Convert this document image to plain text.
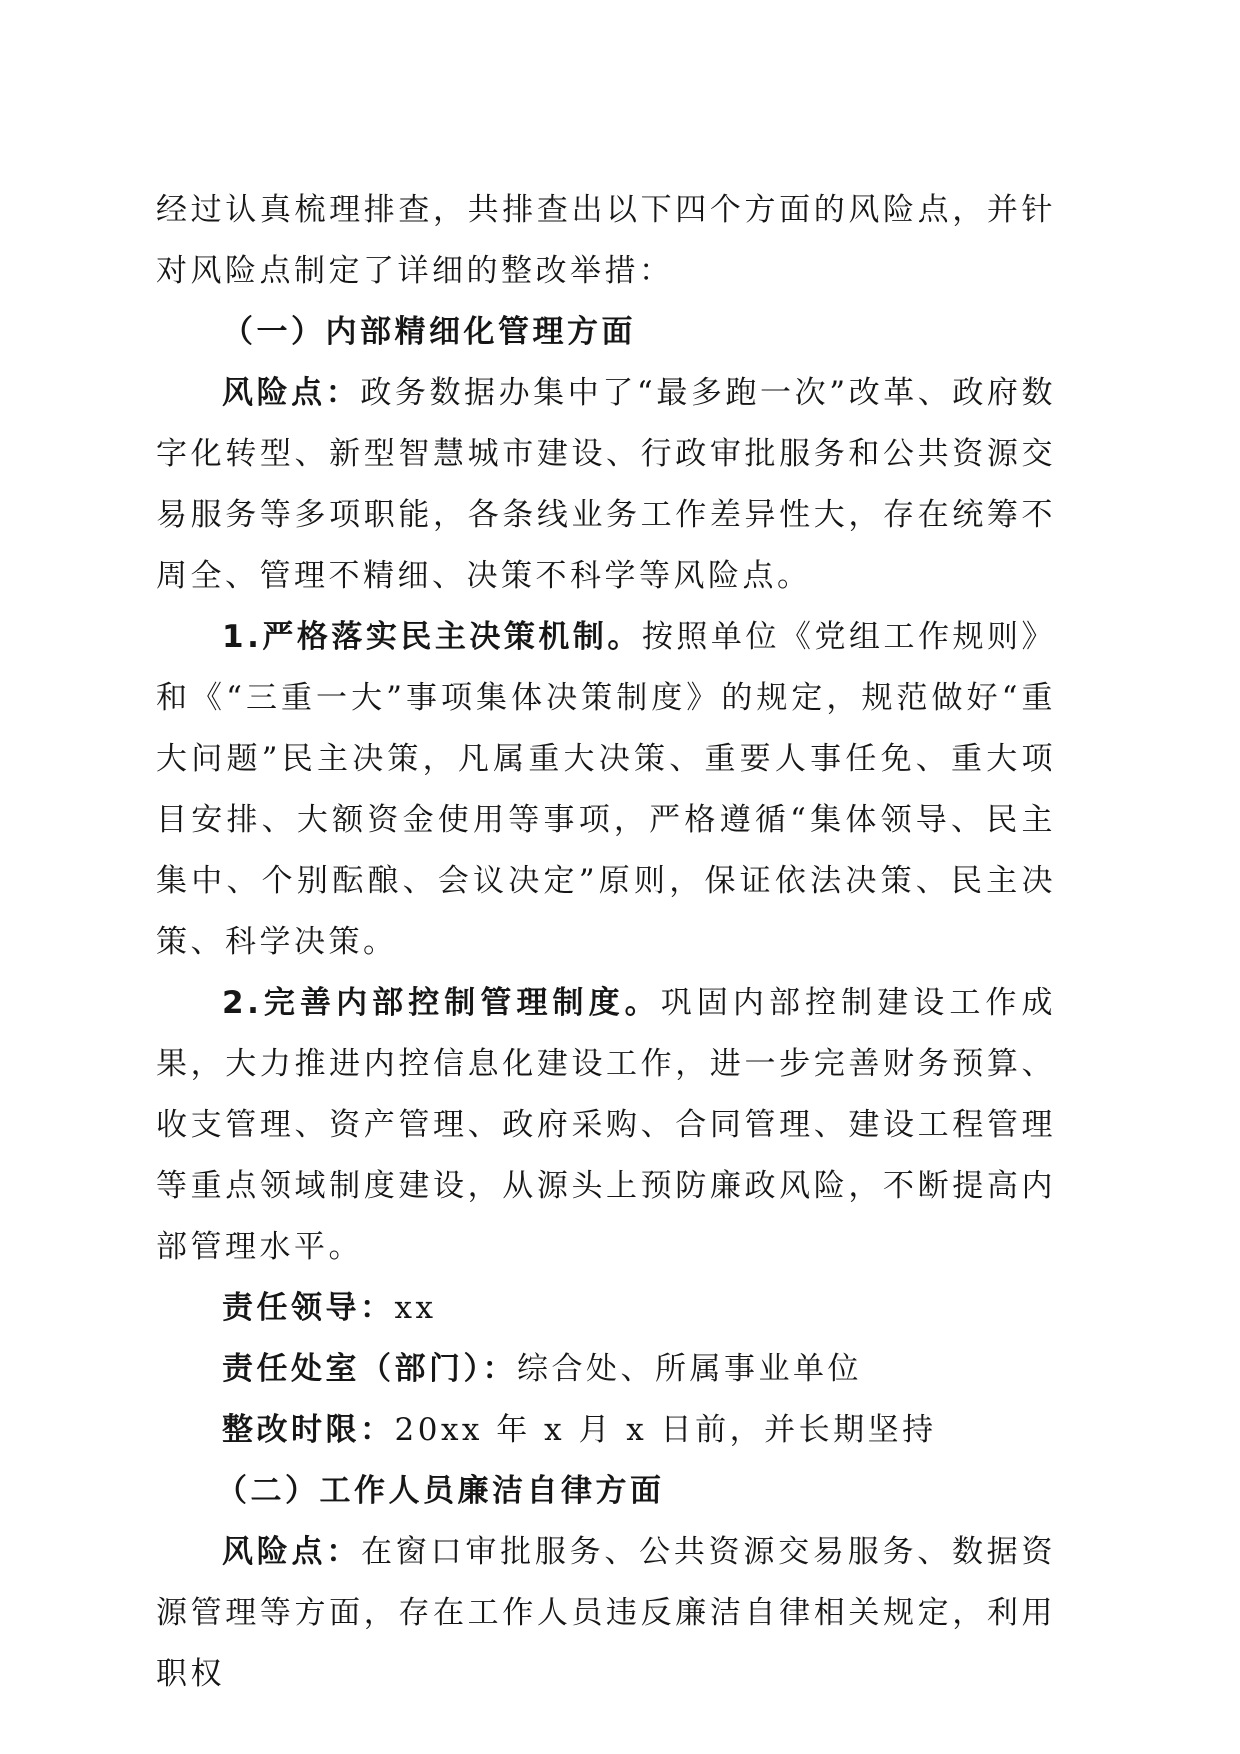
经过认真梳理排查，共排查出以下四个方面的风险点，并针对风险点制定了详细的整改举措：

（一）内部精细化管理方面

风险点：政务数据办集中了“最多跑一次”改革、政府数字化转型、新型智慧城市建设、行政审批服务和公共资源交易服务等多项职能，各条线业务工作差异性大，存在统筹不周全、管理不精细、决策不科学等风险点。

1.严格落实民主决策机制。按照单位《党组工作规则》和《“三重一大”事项集体决策制度》的规定，规范做好“重大问题”民主决策，凡属重大决策、重要人事任免、重大项目安排、大额资金使用等事项，严格遵循“集体领导、民主集中、个别酝酿、会议决定”原则，保证依法决策、民主决策、科学决策。

2.完善内部控制管理制度。巩固内部控制建设工作成果，大力推进内控信息化建设工作，进一步完善财务预算、收支管理、资产管理、政府采购、合同管理、建设工程管理等重点领域制度建设，从源头上预防廉政风险，不断提高内部管理水平。

责任领导：xx

责任处室（部门）：综合处、所属事业单位

整改时限：20xx 年 x 月 x 日前，并长期坚持

（二）工作人员廉洁自律方面

风险点：在窗口审批服务、公共资源交易服务、数据资源管理等方面，存在工作人员违反廉洁自律相关规定，利用职权
